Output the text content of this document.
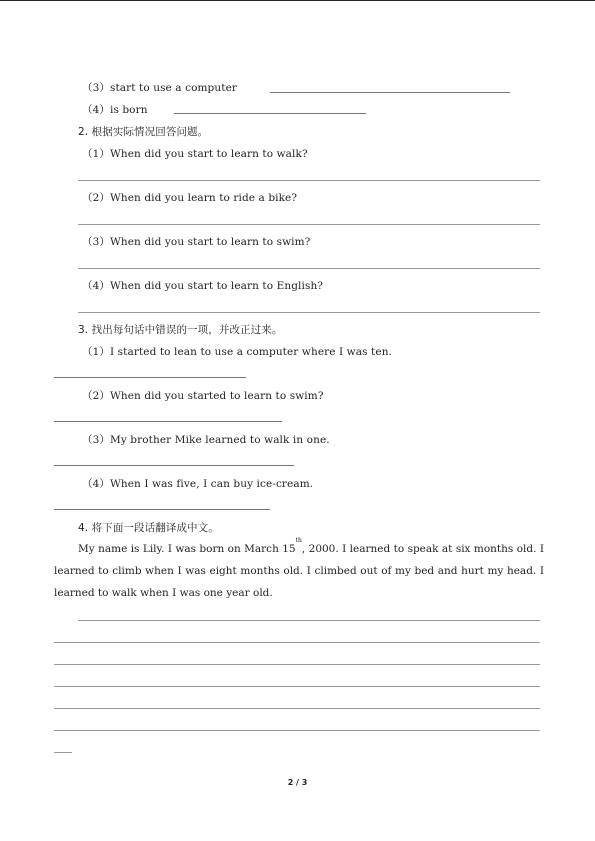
（3）start to use a computer
（4）is born
2. 根据实际情况回答问题。
（1）When did you start to learn to walk?
（2）When did you learn to ride a bike?
（3）When did you start to learn to swim?
（4）When did you start to learn to English?
3. 找出每句话中错误的一项，并改正过来。
（1）I started to lean to use a computer where I was ten.
（2）When did you started to learn to swim?
（3）My brother Mike learned to walk in one.
（4）When I was five, I can buy ice-cream.
4. 将下面一段话翻译成中文。
My name is Lily. I was born on March 15th, 2000. I learned to speak at six months old. I learned to climb when I was eight months old. I climbed out of my bed and hurt my head. I learned to walk when I was one year old.
2 / 3
